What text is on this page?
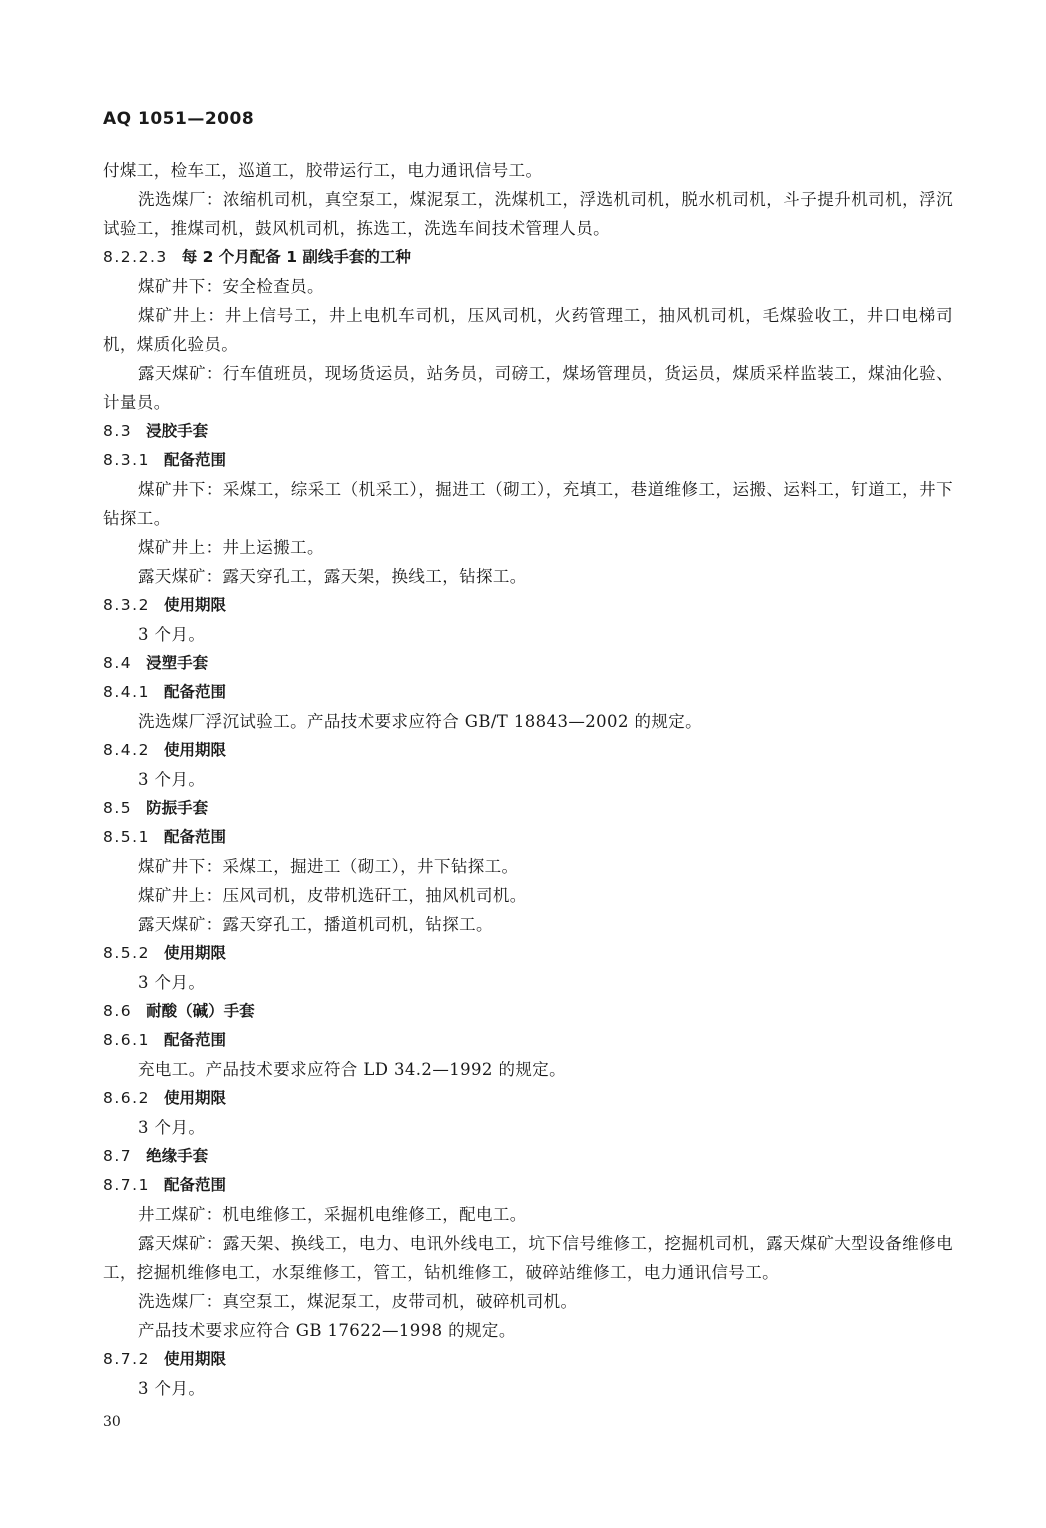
AQ 1051—2008
付煤工，检车工，巡道工，胶带运行工，电力通讯信号工。
洗选煤厂：浓缩机司机，真空泵工，煤泥泵工，洗煤机工，浮选机司机，脱水机司机，斗子提升机司机，浮沉试验工，推煤司机，鼓风机司机，拣选工，洗选车间技术管理人员。
8.2.2.3 每 2 个月配备 1 副线手套的工种
煤矿井下：安全检查员。
煤矿井上：井上信号工，井上电机车司机，压风司机，火药管理工，抽风机司机，毛煤验收工，井口电梯司机，煤质化验员。
露天煤矿：行车值班员，现场货运员，站务员，司磅工，煤场管理员，货运员，煤质采样监装工，煤油化验、计量员。
8.3 浸胶手套
8.3.1 配备范围
煤矿井下：采煤工，综采工（机采工），掘进工（砌工），充填工，巷道维修工，运搬、运料工，钉道工，井下钻探工。
煤矿井上：井上运搬工。
露天煤矿：露天穿孔工，露天架，换线工，钻探工。
8.3.2 使用期限
3 个月。
8.4 浸塑手套
8.4.1 配备范围
洗选煤厂浮沉试验工。产品技术要求应符合 GB/T 18843—2002 的规定。
8.4.2 使用期限
3 个月。
8.5 防振手套
8.5.1 配备范围
煤矿井下：采煤工，掘进工（砌工），井下钻探工。
煤矿井上：压风司机，皮带机选矸工，抽风机司机。
露天煤矿：露天穿孔工，播道机司机，钻探工。
8.5.2 使用期限
3 个月。
8.6 耐酸（碱）手套
8.6.1 配备范围
充电工。产品技术要求应符合 LD 34.2—1992 的规定。
8.6.2 使用期限
3 个月。
8.7 绝缘手套
8.7.1 配备范围
井工煤矿：机电维修工，采掘机电维修工，配电工。
露天煤矿：露天架、换线工，电力、电讯外线电工，坑下信号维修工，挖掘机司机，露天煤矿大型设备维修电工，挖掘机维修电工，水泵维修工，管工，钻机维修工，破碎站维修工，电力通讯信号工。
洗选煤厂：真空泵工，煤泥泵工，皮带司机，破碎机司机。
产品技术要求应符合 GB 17622—1998 的规定。
8.7.2 使用期限
3 个月。
30
